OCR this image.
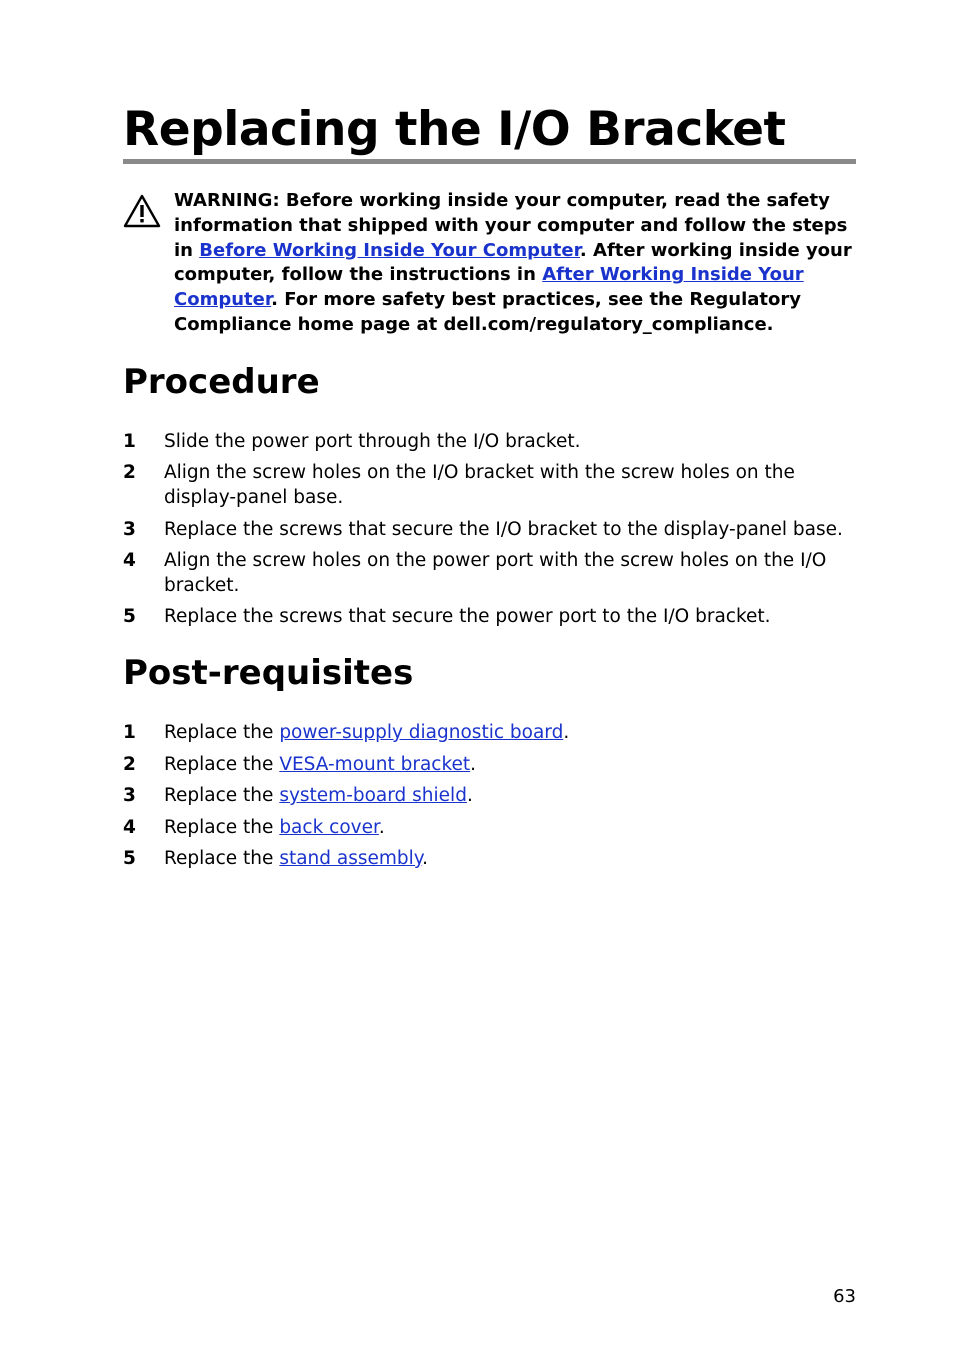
Replacing the I/O Bracket
WARNING: Before working inside your computer, read the safety information that shipped with your computer and follow the steps in Before Working Inside Your Computer. After working inside your computer, follow the instructions in After Working Inside Your Computer. For more safety best practices, see the Regulatory Compliance home page at dell.com/regulatory_compliance.
Procedure
1 Slide the power port through the I/O bracket.
2 Align the screw holes on the I/O bracket with the screw holes on the display-panel base.
3 Replace the screws that secure the I/O bracket to the display-panel base.
4 Align the screw holes on the power port with the screw holes on the I/O bracket.
5 Replace the screws that secure the power port to the I/O bracket.
Post-requisites
1 Replace the power-supply diagnostic board.
2 Replace the VESA-mount bracket.
3 Replace the system-board shield.
4 Replace the back cover.
5 Replace the stand assembly.
63
